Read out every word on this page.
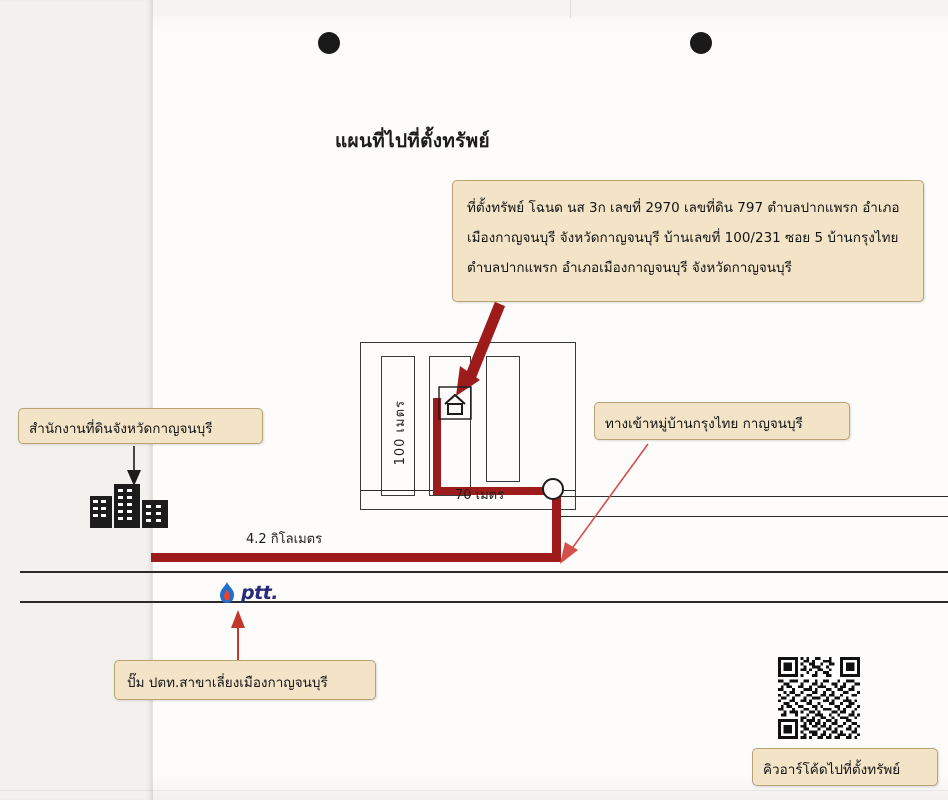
แผนที่ไปที่ตั้งทรัพย์
ที่ตั้งทรัพย์ โฉนด นส 3ก เลขที่ 2970 เลขที่ดิน 797 ตำบลปากแพรก อำเภอ
เมืองกาญจนบุรี จังหวัดกาญจนบุรี บ้านเลขที่ 100/231 ซอย 5 บ้านกรุงไทย
ตำบลปากแพรก อำเภอเมืองกาญจนบุรี จังหวัดกาญจนบุรี
สำนักงานที่ดินจังหวัดกาญจนบุรี	ทางเข้าหมู่บ้านกรุงไทย กาญจนบุรี
ปั๊ม ปตท.สาขาเลี่ยงเมืองกาญจนบุรี
คิวอาร์โค้ดไปที่ตั้งทรัพย์
100 เมตร
70 เมตร
4.2 กิโลเมตร
ptt.
